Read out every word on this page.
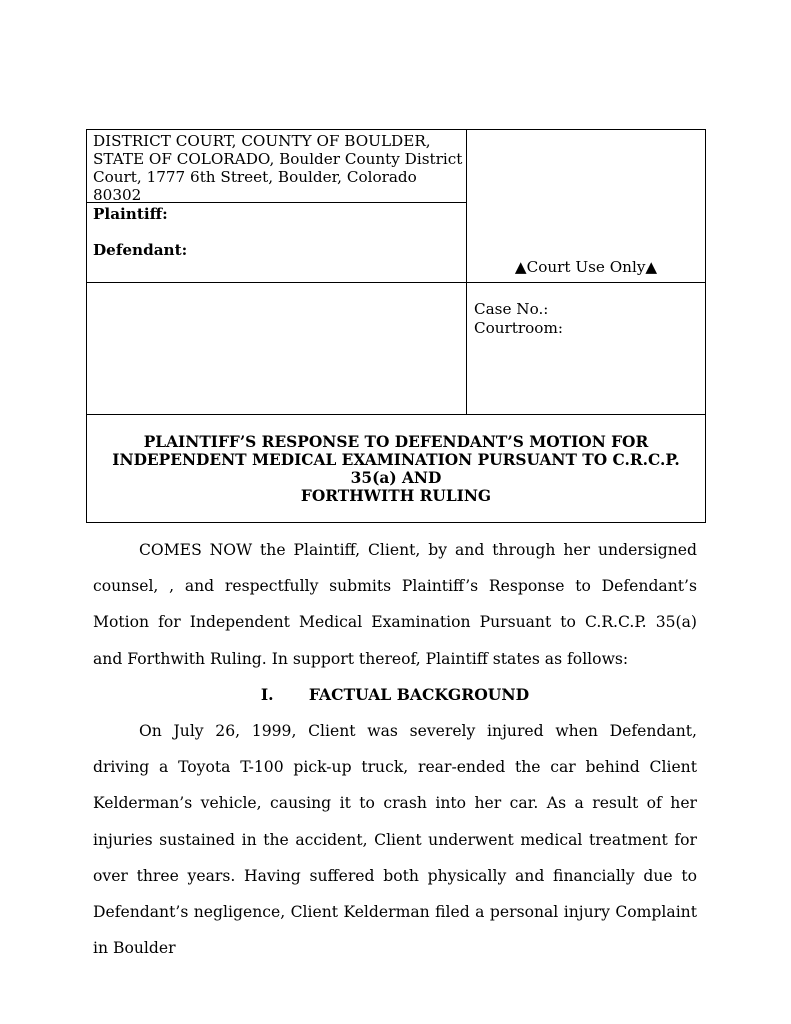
DISTRICT COURT, COUNTY OF BOULDER, STATE OF COLORADO, Boulder County District Court, 1777 6th Street, Boulder, Colorado 80302
Plaintiff:
Defendant:
▲Court Use Only▲
Case No.:
Courtroom:
PLAINTIFF’S RESPONSE TO DEFENDANT’S MOTION FOR
INDEPENDENT MEDICAL EXAMINATION PURSUANT TO C.R.C.P.
35(a) AND
FORTHWITH RULING

COMES NOW the Plaintiff, Client, by and through her undersigned counsel, , and respectfully submits Plaintiff’s Response to Defendant’s Motion for Independent Medical Examination Pursuant to C.R.C.P. 35(a) and Forthwith Ruling. In support thereof, Plaintiff states as follows:

I. FACTUAL BACKGROUND

On July 26, 1999, Client was severely injured when Defendant, driving a Toyota T-100 pick-up truck, rear-ended the car behind Client Kelderman’s vehicle, causing it to crash into her car. As a result of her injuries sustained in the accident, Client underwent medical treatment for over three years. Having suffered both physically and financially due to Defendant’s negligence, Client Kelderman filed a personal injury Complaint in Boulder
